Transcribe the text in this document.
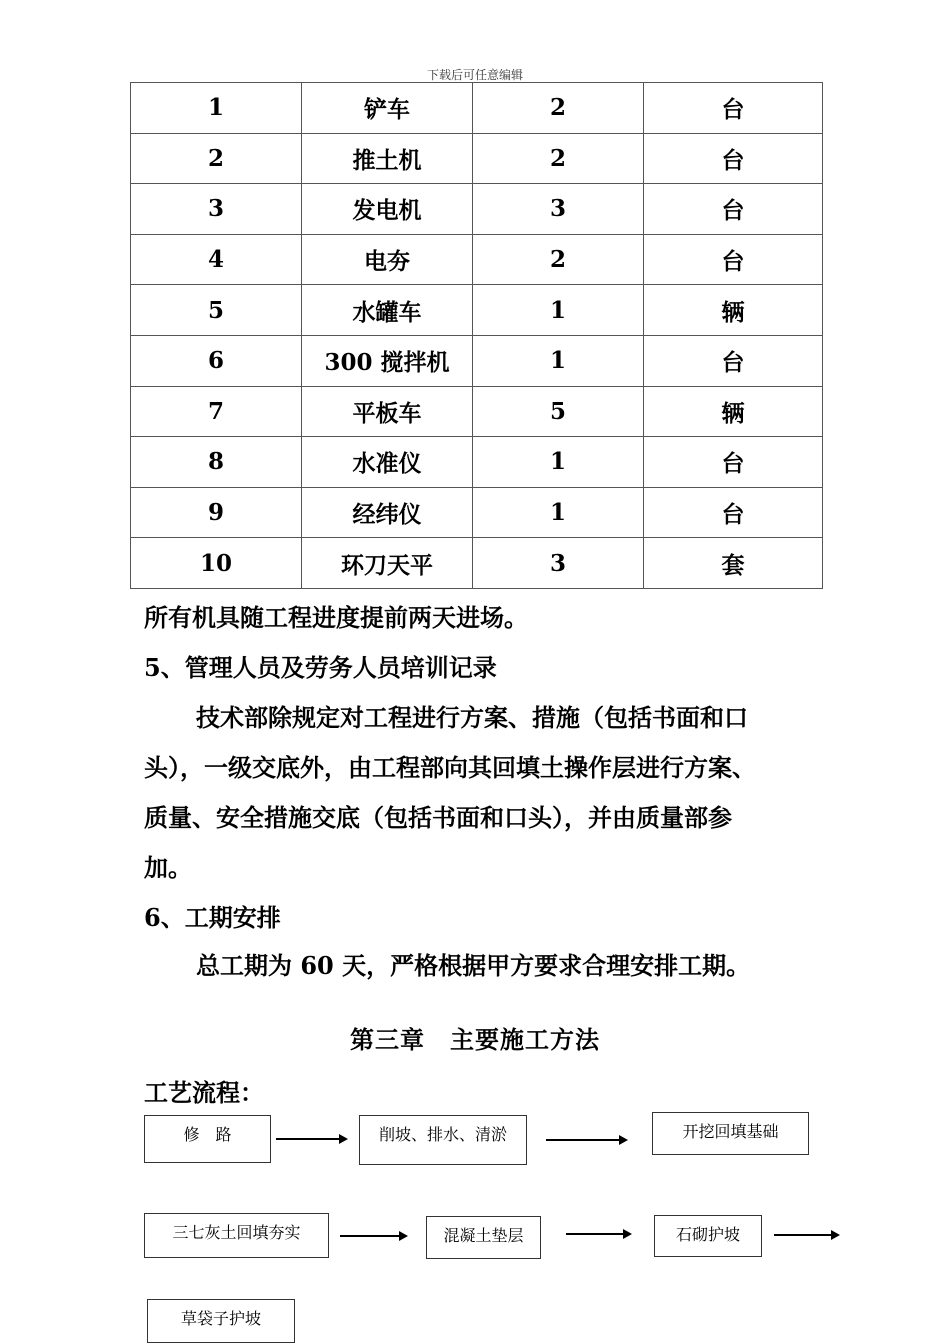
下载后可任意编辑
1	铲车	2	台
2	推土机	2	台
3	发电机	3	台
4	电夯	2	台
5	水罐车	1	辆
6	300 搅拌机	1	台
7	平板车	5	辆
8	水准仪	1	台
9	经纬仪	1	台
10	环刀天平	3	套
所有机具随工程进度提前两天进场。
5、管理人员及劳务人员培训记录
技术部除规定对工程进行方案、措施（包括书面和口
头），一级交底外，由工程部向其回填土操作层进行方案、
质量、安全措施交底（包括书面和口头），并由质量部参
加。
6、工期安排
总工期为 60 天，严格根据甲方要求合理安排工期。
第三章　主要施工方法
工艺流程：
修　路	削坡、排水、清淤	开挖回填基础
三七灰土回填夯实	混凝土垫层	石砌护坡
草袋子护坡
